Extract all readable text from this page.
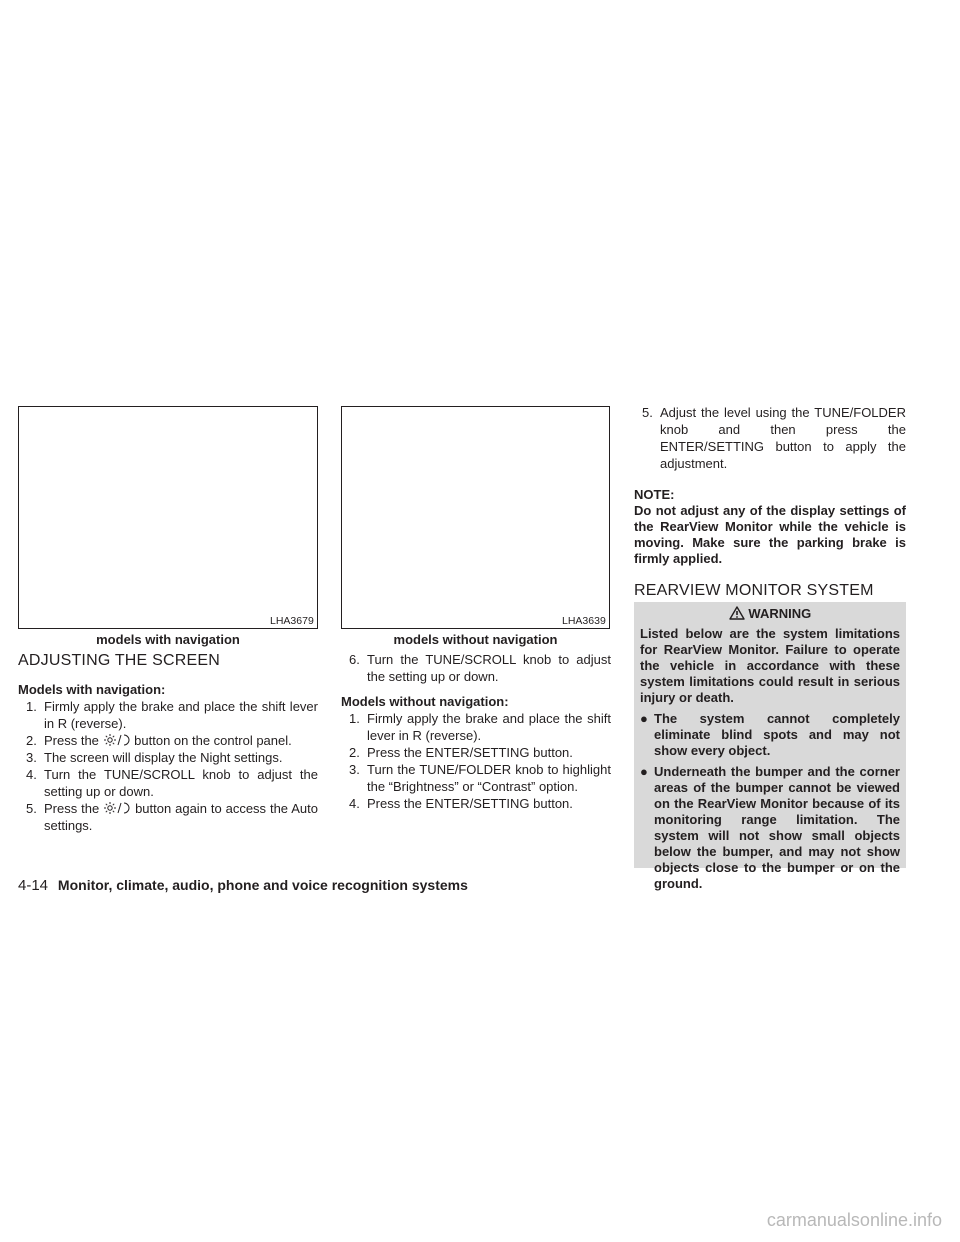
LHA3679
models with navigation
LHA3639
models without navigation
ADJUSTING THE SCREEN

Models with navigation:

1. Firmly apply the brake and place the shift lever in R (reverse).

2. Press the	button on the control panel.

3. The screen will display the Night settings.

4. Turn the TUNE/SCROLL knob to adjust the setting up or down.

5. Press the	button again to access the Auto settings.

6. Turn the TUNE/SCROLL knob to adjust the setting up or down.

Models without navigation:

1. Firmly apply the brake and place the shift lever in R (reverse).

2. Press the ENTER/SETTING button.

3. Turn the TUNE/FOLDER knob to highlight the “Brightness” or “Contrast” option.

4. Press the ENTER/SETTING button.

5. Adjust the level using the TUNE/FOLDER knob and then press the ENTER/SETTING button to apply the adjustment.

NOTE:

Do not adjust any of the display settings of the RearView Monitor while the vehicle is moving. Make sure the parking brake is firmly applied.

REARVIEW MONITOR SYSTEM
WARNING

Listed below are the system limitations for RearView Monitor. Failure to operate the vehicle in accordance with these system limitations could result in serious injury or death.

● The system cannot completely eliminate blind spots and may not show every object.

● Underneath the bumper and the corner areas of the bumper cannot be viewed on the RearView Monitor because of its monitoring range limitation. The system will not show small objects below the bumper, and may not show objects close to the bumper or on the ground.

4-14 Monitor, climate, audio, phone and voice recognition systems
carmanualsonline.info
